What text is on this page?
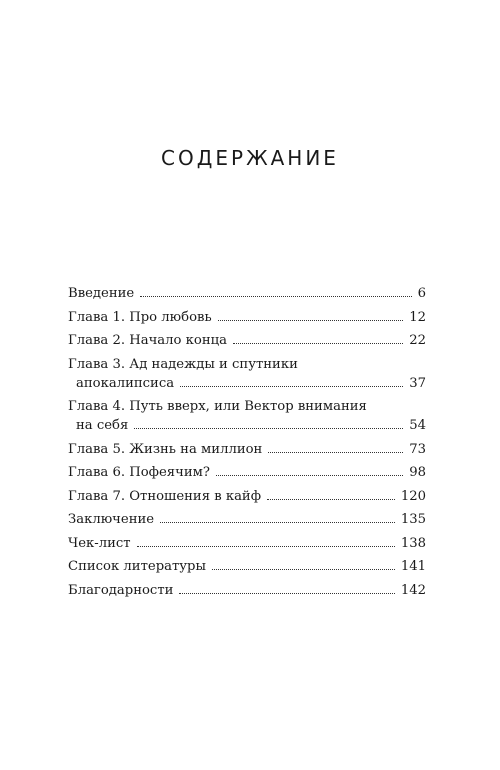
СОДЕРЖАНИЕ
Введение	6
Глава 1. Про любовь	12
Глава 2. Начало конца	22
Глава 3. Ад надежды и спутники
апокалипсиса	37
Глава 4. Путь вверх, или Вектор внимания
на себя	54
Глава 5. Жизнь на миллион	73
Глава 6. Пофеячим?	98
Глава 7. Отношения в кайф	120
Заключение	135
Чек-лист	138
Список литературы	141
Благодарности	142
